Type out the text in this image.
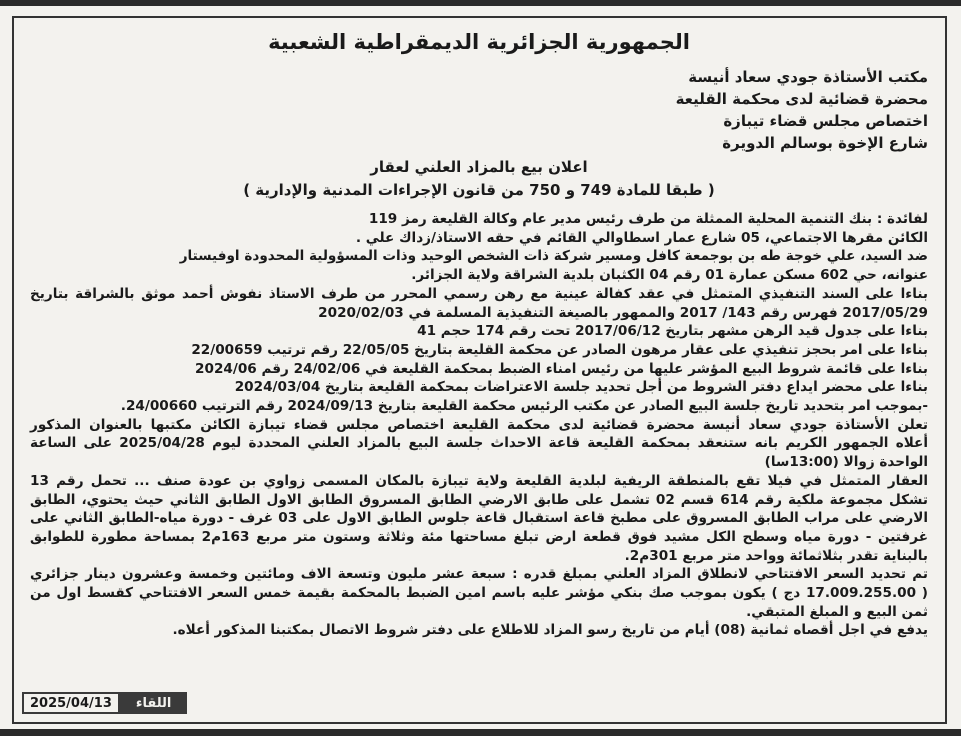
الجمهورية الجزائرية الديمقراطية الشعبية
مكتب الأستاذة جودي سعاد أنيسة
محضرة قضائية لدى محكمة القليعة
اختصاص مجلس قضاء تيبازة
شارع الإخوة بوسالم الدويرة
اعلان بيع بالمزاد العلني لعقار
( طبقا للمادة 749 و 750 من قانون الإجراءات المدنية والإدارية )
لفائدة : بنك التنمية المحلية الممثلة من طرف رئيس مدير عام وكالة القليعة رمز 119
الكائن مقرها الاجتماعي، 05 شارع عمار اسطاوالي القائم في حقه الاستاذ/زداك علي .
ضد السيد، علي خوجة طه بن بوجمعة كافل ومسير شركة ذات الشخص الوحيد وذات المسؤولية المحدودة اوفيستار
عنوانه، حي 602 مسكن عمارة 01 رقم 04 الكثبان بلدية الشراقة ولاية الجزائر.
بناءا على السند التنفيذي المتمثل في عقد كفالة عينية مع رهن رسمي المحرر من طرف الاستاذ نفوش أحمد موثق بالشراقة بتاريخ
2017/05/29 فهرس رقم 143/ 2017 والممهور بالصيغة التنفيذية المسلمة في 2020/02/03
بناءا على جدول قيد الرهن مشهر بتاريخ 2017/06/12 تحت رقم 174 حجم 41
بناءا على امر بحجز تنفيذي على عقار مرهون الصادر عن محكمة القليعة بتاريخ 22/05/05 رقم ترتيب 22/00659
بناءا على قائمة شروط البيع المؤشر عليها من رئيس امناء الضبط بمحكمة القليعة في 24/02/06 رقم 2024/06
بناءا على محضر ايداع دفتر الشروط من أجل تحديد جلسة الاعتراضات بمحكمة القليعة بتاريخ 2024/03/04
-بموجب امر بتحديد تاريخ جلسة البيع الصادر عن مكتب الرئيس محكمة القليعة بتاريخ 2024/09/13 رقم الترتيب 24/00660.
تعلن الأستاذة جودي سعاد أنيسة محضرة قضائية لدى محكمة القليعة اختصاص مجلس قضاء تيبازة الكائن مكتبها بالعنوان المذكور
أعلاه الجمهور الكريم بانه ستنعقد بمحكمة القليعة قاعة الاحداث جلسة البيع بالمزاد العلني المحددة ليوم 2025/04/28 على الساعة
الواحدة زوالا (13:00سا)
العقار المتمثل في فيلا تقع بالمنطقة الريفية لبلدية القليعة ولاية تيبازة بالمكان المسمى زواوي بن عودة صنف ... تحمل رقم 13
تشكل مجموعة ملكية رقم 614 قسم 02 تشمل على طابق الارضي الطابق المسروق الطابق الاول الطابق الثاني حيث يحتوي، الطابق
الارضي على مراب الطابق المسروق على مطبخ قاعة استقبال قاعة جلوس الطابق الاول على 03 غرف - دورة مياه-الطابق الثاني على
غرفتين - دورة مياه وسطح الكل مشيد فوق قطعة ارض تبلغ مساحتها مئة وثلاثة وستون متر مربع 163م2 بمساحة مطورة للطوابق
بالبناية تقدر بثلاثمائة وواحد متر مربع 301م2.
تم تحديد السعر الافتتاحي لانطلاق المزاد العلني بمبلغ قدره : سبعة عشر مليون وتسعة الاف ومائتين وخمسة وعشرون دينار جزائري
( 17.009.255.00 دج ) يكون بموجب صك بنكي مؤشر عليه باسم امين الضبط بالمحكمة بقيمة خمس السعر الافتتاحي كقسط اول من
ثمن البيع و المبلغ المتبقي.
يدفع في اجل أقصاه ثمانية (08) أيام من تاريخ رسو المزاد للاطلاع على دفتر شروط الاتصال بمكتبنا المذكور أعلاه.
2025/04/13	اللقاء
